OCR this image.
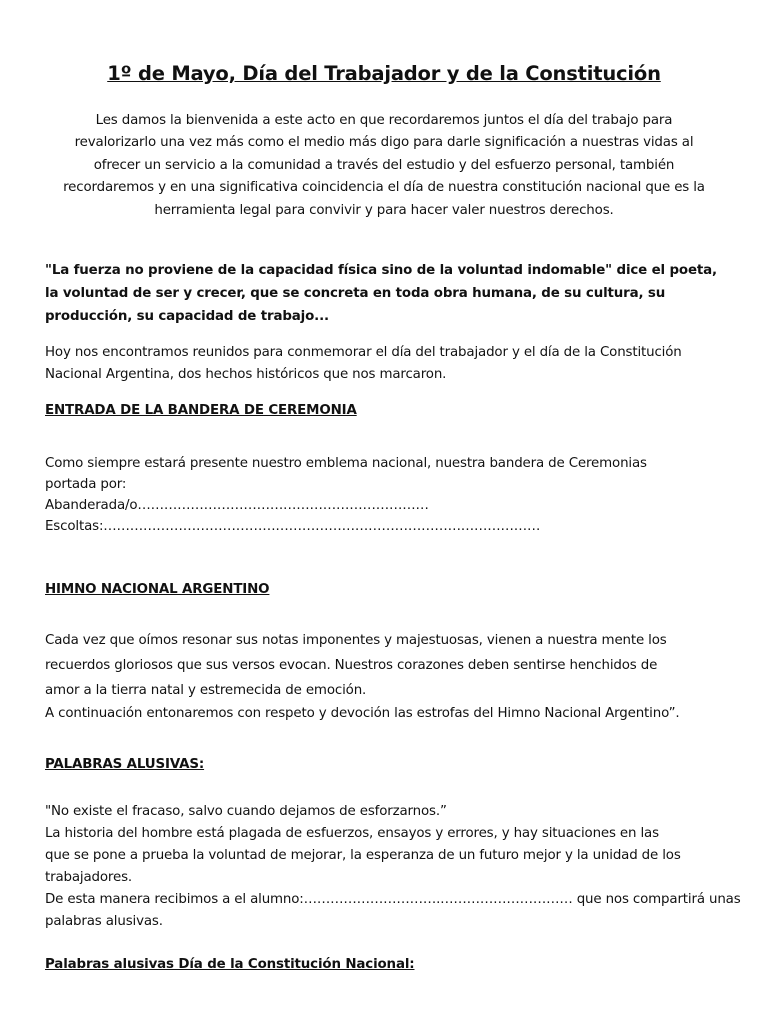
1º de Mayo, Día del Trabajador y de la Constitución
Les damos la bienvenida a este acto en que recordaremos juntos el día del trabajo para
revalorizarlo una vez más como el medio más digo para darle significación a nuestras vidas al
ofrecer un servicio a la comunidad a través del estudio y del esfuerzo personal, también
recordaremos y en una significativa coincidencia el día de nuestra constitución nacional que es la
herramienta legal para convivir y para hacer valer nuestros derechos.
"La fuerza no proviene de la capacidad física sino de la voluntad indomable" dice el poeta,
la voluntad de ser y crecer, que se concreta en toda obra humana, de su cultura, su
producción, su capacidad de trabajo...
Hoy nos encontramos reunidos para conmemorar el día del trabajador y el día de la Constitución
Nacional Argentina, dos hechos históricos que nos marcaron.
ENTRADA DE LA BANDERA DE CEREMONIA
Como siempre estará presente nuestro emblema nacional, nuestra bandera de Ceremonias
portada por:
Abanderada/o…………………………………………………………
Escoltas:………………………………………………………………………………………
HIMNO NACIONAL ARGENTINO
Cada vez que oímos resonar sus notas imponentes y majestuosas, vienen a nuestra mente los
recuerdos gloriosos que sus versos evocan. Nuestros corazones deben sentirse henchidos de
amor a la tierra natal y estremecida de emoción.
A continuación entonaremos con respeto y devoción las estrofas del Himno Nacional Argentino”.
PALABRAS ALUSIVAS:
"No existe el fracaso, salvo cuando dejamos de esforzarnos.”
La historia del hombre está plagada de esfuerzos, ensayos y errores, y hay situaciones en las
que se pone a prueba la voluntad de mejorar, la esperanza de un futuro mejor y la unidad de los
trabajadores.
De esta manera recibimos a el alumno:………………………….………………………… que nos compartirá unas
palabras alusivas.
Palabras alusivas Día de la Constitución Nacional:
